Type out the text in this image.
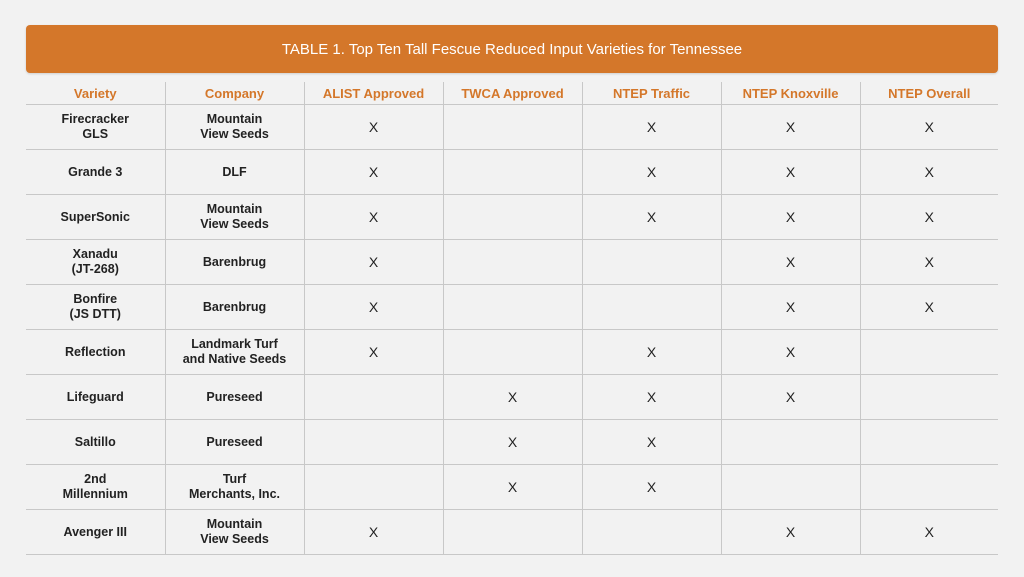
TABLE 1. Top Ten Tall Fescue Reduced Input Varieties for Tennessee
Variety	Company	ALIST Approved	TWCA Approved	NTEP Traffic	NTEP Knoxville	NTEP Overall

Firecracker
GLS	Mountain
View Seeds	X		X	X	X

Grande 3	DLF	X		X	X	X

SuperSonic	Mountain
View Seeds	X		X	X	X

Xanadu
(JT-268)	Barenbrug	X			X	X

Bonfire
(JS DTT)	Barenbrug	X			X	X

Reflection	Landmark Turf
and Native Seeds	X		X	X	

Lifeguard	Pureseed		X	X	X	

Saltillo	Pureseed		X	X		

2nd
Millennium	Turf
Merchants, Inc.		X	X		

Avenger III	Mountain
View Seeds	X			X	X
